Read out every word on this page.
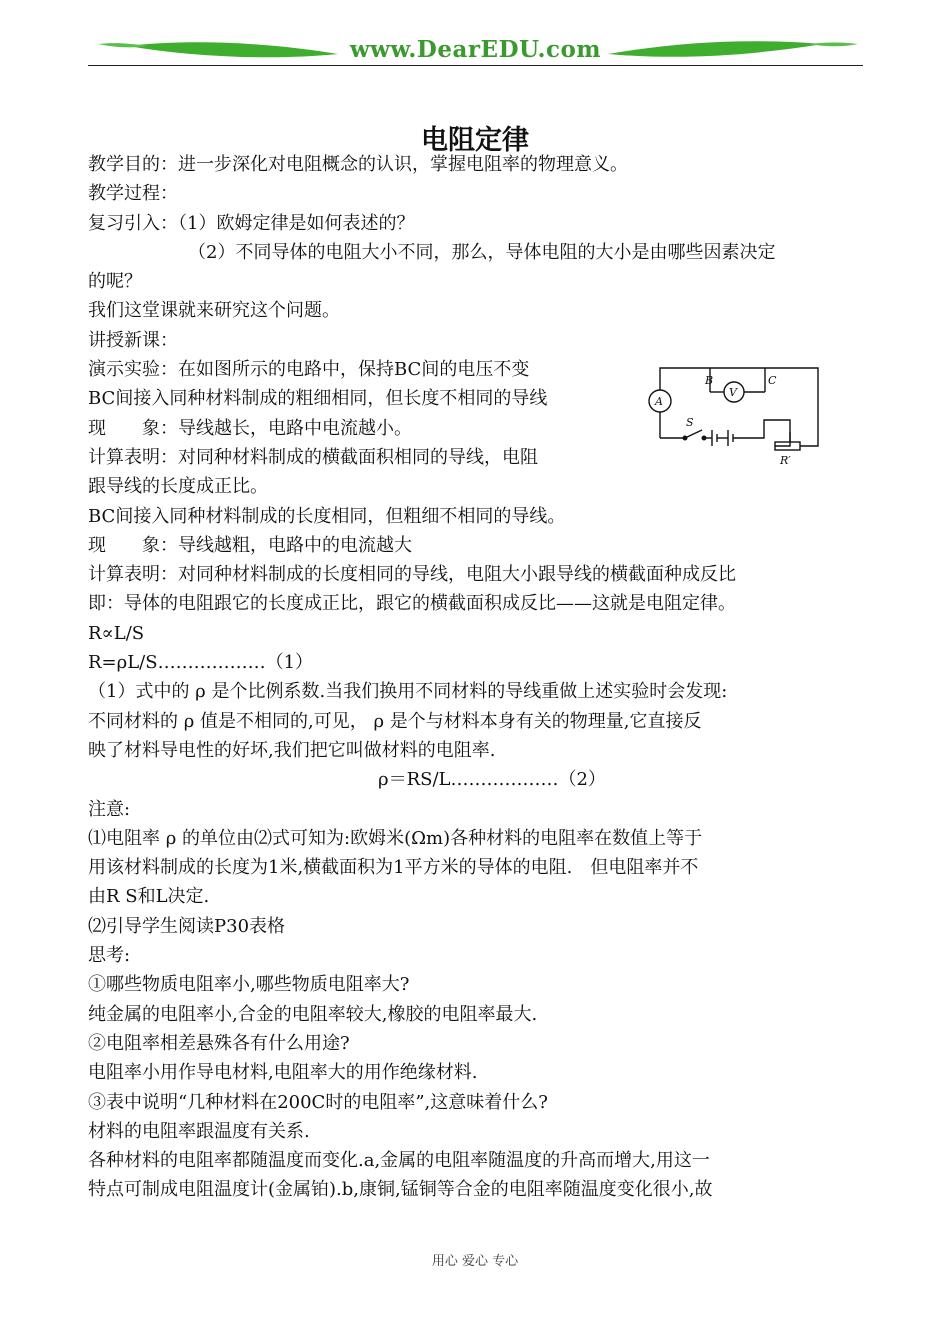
www.DearEDU.com
电阻定律
教学目的：进一步深化对电阻概念的认识，掌握电阻率的物理意义。
教学过程：
复习引入：（1）欧姆定律是如何表述的？
（2）不同导体的电阻大小不同，那么，导体电阻的大小是由哪些因素决定
的呢？
我们这堂课就来研究这个问题。
讲授新课：
演示实验：在如图所示的电路中，保持BC间的电压不变
BC间接入同种材料制成的粗细相同，但长度不相同的导线
现　　象：导线越长，电路中电流越小。
计算表明：对同种材料制成的横截面积相同的导线，电阻
跟导线的长度成正比。
BC间接入同种材料制成的长度相同，但粗细不相同的导线。
现　　象：导线越粗，电路中的电流越大
计算表明：对同种材料制成的长度相同的导线，电阻大小跟导线的横截面种成反比
即：导体的电阻跟它的长度成正比，跟它的横截面积成反比——这就是电阻定律。
R∝L/S
R=ρL/S………………（1）
（1）式中的 ρ 是个比例系数.当我们换用不同材料的导线重做上述实验时会发现:
不同材料的 ρ 值是不相同的,可见， ρ 是个与材料本身有关的物理量,它直接反
映了材料导电性的好坏,我们把它叫做材料的电阻率.
ρ＝RS/L………………（2）
注意:
⑴电阻率 ρ 的单位由⑵式可知为:欧姆米(Ωm)各种材料的电阻率在数值上等于
用该材料制成的长度为1米,横截面积为1平方米的导体的电阻.　但电阻率并不
由R S和L决定.
⑵引导学生阅读P30表格
思考:
①哪些物质电阻率小,哪些物质电阻率大?
纯金属的电阻率小,合金的电阻率较大,橡胶的电阻率最大.
②电阻率相差悬殊各有什么用途?
电阻率小用作导电材料,电阻率大的用作绝缘材料.
③表中说明“几种材料在200C时的电阻率”,这意味着什么?
材料的电阻率跟温度有关系.
各种材料的电阻率都随温度而变化.a,金属的电阻率随温度的升高而增大,用这一
特点可制成电阻温度计(金属铂).b,康铜,锰铜等合金的电阻率随温度变化很小,故
A
V
B	C
S
R′
用心 爱心 专心
